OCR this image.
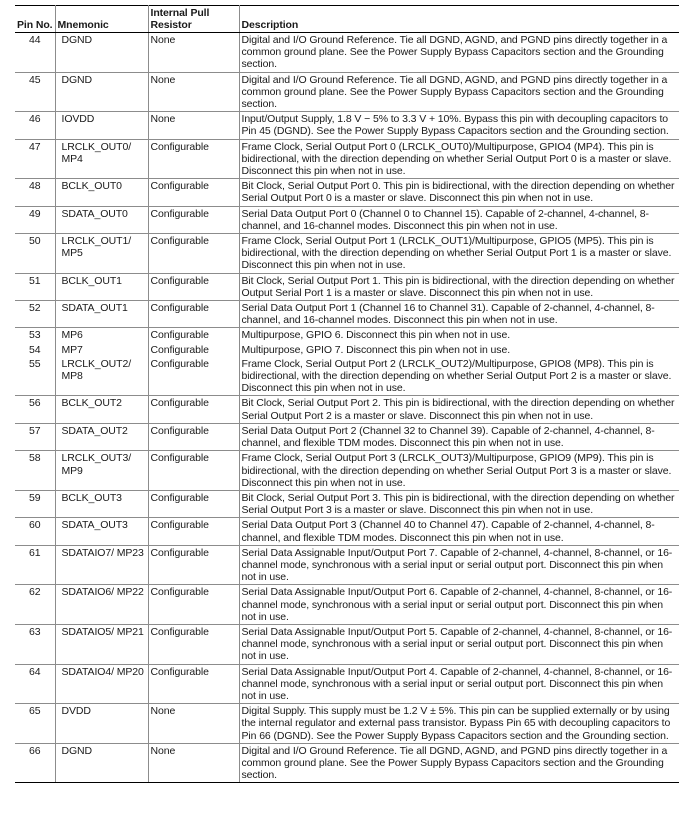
Pin No.	Mnemonic	Internal Pull Resistor	Description
44	DGND	None	Digital and I/O Ground Reference. Tie all DGND, AGND, and PGND pins directly together in a common ground plane. See the Power Supply Bypass Capacitors section and the Grounding section.
45	DGND	None	Digital and I/O Ground Reference. Tie all DGND, AGND, and PGND pins directly together in a common ground plane. See the Power Supply Bypass Capacitors section and the Grounding section.
46	IOVDD	None	Input/Output Supply, 1.8 V − 5% to 3.3 V + 10%. Bypass this pin with decoupling capacitors to Pin 45 (DGND). See the Power Supply Bypass Capacitors section and the Grounding section.
47	LRCLK_OUT0/ MP4	Configurable	Frame Clock, Serial Output Port 0 (LRCLK_OUT0)/Multipurpose, GPIO4 (MP4). This pin is bidirectional, with the direction depending on whether Serial Output Port 0 is a master or slave. Disconnect this pin when not in use.
48	BCLK_OUT0	Configurable	Bit Clock, Serial Output Port 0. This pin is bidirectional, with the direction depending on whether Serial Output Port 0 is a master or slave. Disconnect this pin when not in use.
49	SDATA_OUT0	Configurable	Serial Data Output Port 0 (Channel 0 to Channel 15). Capable of 2-channel, 4-channel, 8-channel, and 16-channel modes. Disconnect this pin when not in use.
50	LRCLK_OUT1/ MP5	Configurable	Frame Clock, Serial Output Port 1 (LRCLK_OUT1)/Multipurpose, GPIO5 (MP5). This pin is bidirectional, with the direction depending on whether Serial Output Port 1 is a master or slave. Disconnect this pin when not in use.
51	BCLK_OUT1	Configurable	Bit Clock, Serial Output Port 1. This pin is bidirectional, with the direction depending on whether Output Serial Port 1 is a master or slave. Disconnect this pin when not in use.
52	SDATA_OUT1	Configurable	Serial Data Output Port 1 (Channel 16 to Channel 31). Capable of 2-channel, 4-channel, 8-channel, and 16-channel modes. Disconnect this pin when not in use.
53	MP6	Configurable	Multipurpose, GPIO 6. Disconnect this pin when not in use.
54	MP7	Configurable	Multipurpose, GPIO 7. Disconnect this pin when not in use.
55	LRCLK_OUT2/ MP8	Configurable	Frame Clock, Serial Output Port 2 (LRCLK_OUT2)/Multipurpose, GPIO8 (MP8). This pin is bidirectional, with the direction depending on whether Serial Output Port 2 is a master or slave. Disconnect this pin when not in use.
56	BCLK_OUT2	Configurable	Bit Clock, Serial Output Port 2. This pin is bidirectional, with the direction depending on whether Serial Output Port 2 is a master or slave. Disconnect this pin when not in use.
57	SDATA_OUT2	Configurable	Serial Data Output Port 2 (Channel 32 to Channel 39). Capable of 2-channel, 4-channel, 8-channel, and flexible TDM modes. Disconnect this pin when not in use.
58	LRCLK_OUT3/ MP9	Configurable	Frame Clock, Serial Output Port 3 (LRCLK_OUT3)/Multipurpose, GPIO9 (MP9). This pin is bidirectional, with the direction depending on whether Serial Output Port 3 is a master or slave. Disconnect this pin when not in use.
59	BCLK_OUT3	Configurable	Bit Clock, Serial Output Port 3. This pin is bidirectional, with the direction depending on whether Serial Output Port 3 is a master or slave. Disconnect this pin when not in use.
60	SDATA_OUT3	Configurable	Serial Data Output Port 3 (Channel 40 to Channel 47). Capable of 2-channel, 4-channel, 8-channel, and flexible TDM modes. Disconnect this pin when not in use.
61	SDATAIO7/ MP23	Configurable	Serial Data Assignable Input/Output Port 7. Capable of 2-channel, 4-channel, 8-channel, or 16-channel mode, synchronous with a serial input or serial output port. Disconnect this pin when not in use.
62	SDATAIO6/ MP22	Configurable	Serial Data Assignable Input/Output Port 6. Capable of 2-channel, 4-channel, 8-channel, or 16-channel mode, synchronous with a serial input or serial output port. Disconnect this pin when not in use.
63	SDATAIO5/ MP21	Configurable	Serial Data Assignable Input/Output Port 5. Capable of 2-channel, 4-channel, 8-channel, or 16-channel mode, synchronous with a serial input or serial output port. Disconnect this pin when not in use.
64	SDATAIO4/ MP20	Configurable	Serial Data Assignable Input/Output Port 4. Capable of 2-channel, 4-channel, 8-channel, or 16-channel mode, synchronous with a serial input or serial output port. Disconnect this pin when not in use.
65	DVDD	None	Digital Supply. This supply must be 1.2 V ± 5%. This pin can be supplied externally or by using the internal regulator and external pass transistor. Bypass Pin 65 with decoupling capacitors to Pin 66 (DGND). See the Power Supply Bypass Capacitors section and the Grounding section.
66	DGND	None	Digital and I/O Ground Reference. Tie all DGND, AGND, and PGND pins directly together in a common ground plane. See the Power Supply Bypass Capacitors section and the Grounding section.
